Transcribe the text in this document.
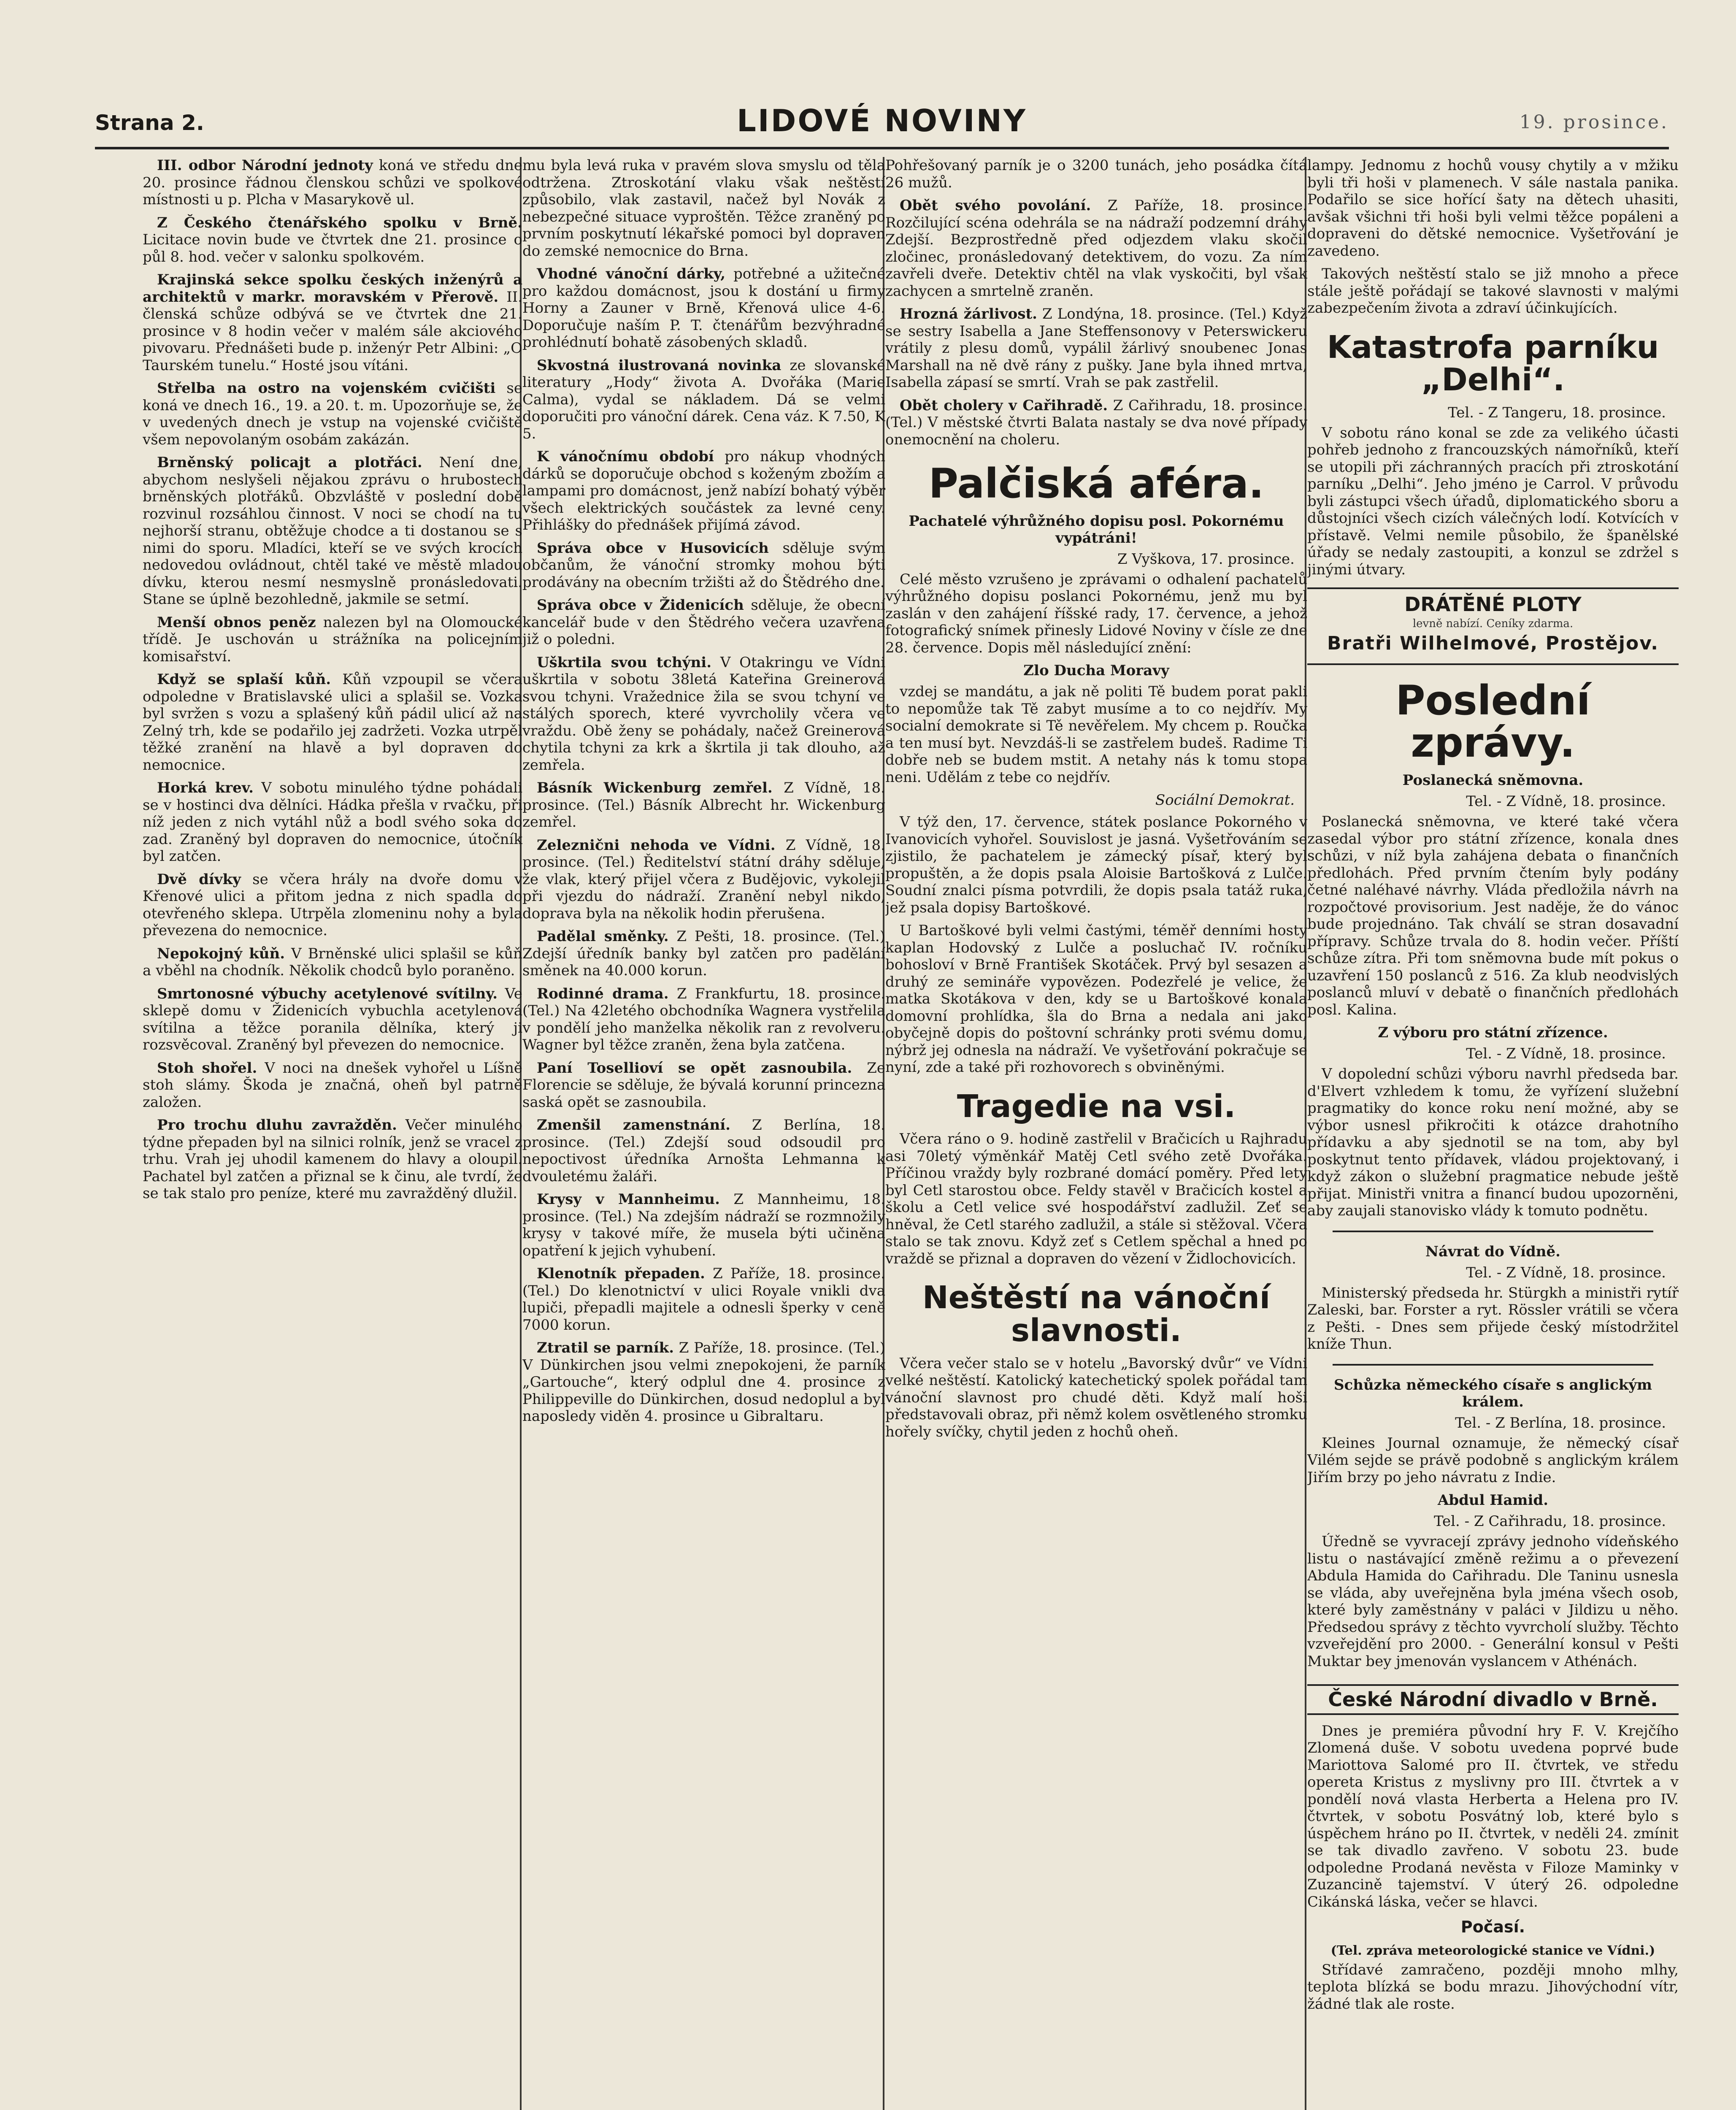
Strana 2.	LIDOVÉ NOVINY	19. prosince.

III. odbor Národní jednoty koná ve středu dne 20. prosince řádnou členskou schůzi ve spolkové místnosti u p. Plcha v Masarykově ul.

Z Českého čtenářského spolku v Brně. Licitace novin bude ve čtvrtek dne 21. prosince o půl 8. hod. večer v salonku spolkovém.

Krajinská sekce spolku českých inženýrů a architektů v markr. moravském v Přerově. II. členská schůze odbývá se ve čtvrtek dne 21. prosince v 8 hodin večer v malém sále akciového pivovaru. Přednášeti bude p. inženýr Petr Albini: „O Taurském tunelu.“ Hosté jsou vítáni.

Střelba na ostro na vojenském cvičišti se koná ve dnech 16., 19. a 20. t. m. Upozorňuje se, že v uvedených dnech je vstup na vojenské cvičiště všem nepovolaným osobám zakázán.

Brněnský policajt a plotřáci. Není dne, abychom neslyšeli nějakou zprávu o hrubostech brněnských plotřáků. Obzvláště v poslední době rozvinul rozsáhlou činnost. V noci se chodí na tu nejhorší stranu, obtěžuje chodce a ti dostanou se s nimi do sporu. Mladíci, kteří se ve svých krocích nedovedou ovládnout, chtěl také ve městě mladou dívku, kterou nesmí nesmyslně pronásledovati. Stane se úplně bezohledně, jakmile se setmí.

Menší obnos peněz nalezen byl na Olomoucké třídě. Je uschován u strážníka na policejním komisařství.

Když se splaší kůň. Kůň vzpoupil se včera odpoledne v Bratislavské ulici a splašil se. Vozka byl svržen s vozu a splašený kůň pádil ulicí až na Zelný trh, kde se podařilo jej zadržeti. Vozka utrpěl těžké zranění na hlavě a byl dopraven do nemocnice.

Horká krev. V sobotu minulého týdne pohádali se v hostinci dva dělníci. Hádka přešla v rvačku, při níž jeden z nich vytáhl nůž a bodl svého soka do zad. Zraněný byl dopraven do nemocnice, útočník byl zatčen.

Dvě dívky se včera hrály na dvoře domu v Křenové ulici a přitom jedna z nich spadla do otevřeného sklepa. Utrpěla zlomeninu nohy a byla převezena do nemocnice.

Nepokojný kůň. V Brněnské ulici splašil se kůň a vběhl na chodník. Několik chodců bylo poraněno.

Smrtonosné výbuchy acetylenové svítilny. Ve sklepě domu v Židenicích vybuchla acetylenová svítilna a těžce poranila dělníka, který ji rozsvěcoval. Zraněný byl převezen do nemocnice.

Stoh shořel. V noci na dnešek vyhořel u Líšně stoh slámy. Škoda je značná, oheň byl patrně založen.

Pro trochu dluhu zavražděn. Večer minulého týdne přepaden byl na silnici rolník, jenž se vracel z trhu. Vrah jej uhodil kamenem do hlavy a oloupil. Pachatel byl zatčen a přiznal se k činu, ale tvrdí, že se tak stalo pro peníze, které mu zavražděný dlužil.

mu byla levá ruka v pravém slova smyslu od těla odtržena. Ztroskotání vlaku však neštěstí způsobilo, vlak zastavil, načež byl Novák z nebezpečné situace vyproštěn. Těžce zraněný po prvním poskytnutí lékařské pomoci byl dopraven do zemské nemocnice do Brna.

Vhodné vánoční dárky, potřebné a užitečné pro každou domácnost, jsou k dostání u firmy Horny a Zauner v Brně, Křenová ulice 4-6. Doporučuje naším P. T. čtenářům bezvýhradné prohlédnutí bohatě zásobených skladů.

Skvostná ilustrovaná novinka ze slovanské literatury „Hody“ života A. Dvořáka (Marie Calma), vydal se nákladem. Dá se velmi doporučiti pro vánoční dárek. Cena váz. K 7.50, K 5.

K vánočnímu období pro nákup vhodných dárků se doporučuje obchod s koženým zbožím a lampami pro domácnost, jenž nabízí bohatý výběr všech elektrických součástek za levné ceny. Přihlášky do přednášek přijímá závod.

Správa obce v Husovicích sděluje svým občanům, že vánoční stromky mohou býti prodávány na obecním tržišti až do Štědrého dne.

Správa obce v Židenicích sděluje, že obecní kancelář bude v den Štědrého večera uzavřena již o poledni.

Uškrtila svou tchýni. V Otakringu ve Vídni uškrtila v sobotu 38letá Kateřina Greinerová svou tchyni. Vražednice žila se svou tchyní ve stálých sporech, které vyvrcholily včera ve vraždu. Obě ženy se pohádaly, načež Greinerová chytila tchyni za krk a škrtila ji tak dlouho, až zemřela.

Básník Wickenburg zemřel. Z Vídně, 18. prosince. (Tel.) Básník Albrecht hr. Wickenburg zemřel.

Zeleznični nehoda ve Vídni. Z Vídně, 18. prosince. (Tel.) Ředitelství státní dráhy sděluje, že vlak, který přijel včera z Budějovic, vykolejil při vjezdu do nádraží. Zranění nebyl nikdo, doprava byla na několik hodin přerušena.

Padělal směnky. Z Pešti, 18. prosince. (Tel.) Zdejší úředník banky byl zatčen pro padělání směnek na 40.000 korun.

Rodinné drama. Z Frankfurtu, 18. prosince. (Tel.) Na 42letého obchodníka Wagnera vystřelila v pondělí jeho manželka několik ran z revolveru. Wagner byl těžce zraněn, žena byla zatčena.

Paní Tosellioví se opět zasnoubila. Ze Florencie se sděluje, že bývalá korunní princezna saská opět se zasnoubila.

Zmenšil zamenstnání. Z Berlína, 18. prosince. (Tel.) Zdejší soud odsoudil pro nepoctivost úředníka Arnošta Lehmanna k dvouletému žaláři.

Krysy v Mannheimu. Z Mannheimu, 18. prosince. (Tel.) Na zdejším nádraží se rozmnožily krysy v takové míře, že musela býti učiněna opatření k jejich vyhubení.

Klenotník přepaden. Z Paříže, 18. prosince. (Tel.) Do klenotnictví v ulici Royale vnikli dva lupiči, přepadli majitele a odnesli šperky v ceně 7000 korun.

Ztratil se parník. Z Paříže, 18. prosince. (Tel.) V Dünkirchen jsou velmi znepokojeni, že parník „Gartouche“, který odplul dne 4. prosince z Philippeville do Dünkirchen, dosud nedoplul a byl naposledy viděn 4. prosince u Gibraltaru.

Pohřešovaný parník je o 3200 tunách, jeho posádka čítá 26 mužů.

Obět svého povolání. Z Paříže, 18. prosince. Rozčilující scéna odehrála se na nádraží podzemní dráhy Zdejší. Bezprostředně před odjezdem vlaku skočil zločinec, pronásledovaný detektivem, do vozu. Za ním zavřeli dveře. Detektiv chtěl na vlak vyskočiti, byl však zachycen a smrtelně zraněn.

Hrozná žárlivost. Z Londýna, 18. prosince. (Tel.) Když se sestry Isabella a Jane Steffensonovy v Peterswickeru vrátily z plesu domů, vypálil žárlivý snoubenec Jonas Marshall na ně dvě rány z pušky. Jane byla ihned mrtva, Isabella zápasí se smrtí. Vrah se pak zastřelil.

Obět cholery v Cařihradě. Z Cařihradu, 18. prosince. (Tel.) V městské čtvrti Balata nastaly se dva nové případy onemocnění na choleru.

Palčiská aféra.
Pachatelé výhrůžného dopisu posl. Pokornému vypátráni!
Z Vyškova, 17. prosince.

Celé město vzrušeno je zprávami o odhalení pachatelů výhrůžného dopisu poslanci Pokornému, jenž mu byl zaslán v den zahájení říšské rady, 17. července, a jehož fotografický snímek přinesly Lidové Noviny v čísle ze dne 28. července. Dopis měl následující znění:

Zlo Ducha Moravy

vzdej se mandátu, a jak ně politi Tě budem porat pakli to nepomůže tak Tě zabyt musíme a to co nejdřív. My socialní demokrate si Tě nevěřelem. My chcem p. Roučka a ten musí byt. Nevzdáš-li se zastřelem budeš. Radime Ti dobře neb se budem mstit. A netahy nás k tomu stopa neni. Udělám z tebe co nejdřív.

Sociální Demokrat.

V týž den, 17. července, státek poslance Pokorného v Ivanovicích vyhořel. Souvislost je jasná. Vyšetřováním se zjistilo, že pachatelem je zámecký písař, který byl propuštěn, a že dopis psala Aloisie Bartošková z Lulče. Soudní znalci písma potvrdili, že dopis psala tatáž ruka, jež psala dopisy Bartoškové.

U Bartoškové byli velmi častými, téměř denními hosty kaplan Hodovský z Lulče a posluchač IV. ročníku bohosloví v Brně František Skotáček. Prvý byl sesazen a druhý ze semináře vypovězen. Podezřelé je velice, že matka Skotákova v den, kdy se u Bartoškové konala domovní prohlídka, šla do Brna a nedala ani jako obyčejně dopis do poštovní schránky proti svému domu, nýbrž jej odnesla na nádraží. Ve vyšetřování pokračuje se nyní, zde a také při rozhovorech s obviněnými.

Tragedie na vsi.

Včera ráno o 9. hodině zastřelil v Bračicích u Rajhradu asi 70letý výměnkář Matěj Cetl svého zetě Dvořáka. Příčinou vraždy byly rozbrané domácí poměry. Před lety byl Cetl starostou obce. Feldy stavěl v Bračicích kostel a školu a Cetl velice své hospodářství zadlužil. Zeť se hněval, že Cetl starého zadlužil, a stále si stěžoval. Včera stalo se tak znovu. Když zeť s Cetlem spěchal a hned po vraždě se přiznal a dopraven do vězení v Židlochovicích.

Neštěstí na vánoční slavnosti.

Včera večer stalo se v hotelu „Bavorský dvůr“ ve Vídni velké neštěstí. Katolický katechetický spolek pořádal tam vánoční slavnost pro chudé děti. Když malí hoši představovali obraz, při němž kolem osvětleného stromku hořely svíčky, chytil jeden z hochů oheň.

lampy. Jednomu z hochů vousy chytily a v mžiku byli tři hoši v plamenech. V sále nastala panika. Podařilo se sice hořící šaty na dětech uhasiti, avšak všichni tři hoši byli velmi těžce popáleni a dopraveni do dětské nemocnice. Vyšetřování je zavedeno.

Takových neštěstí stalo se již mnoho a přece stále ještě pořádají se takové slavnosti v malými zabezpečením života a zdraví účinkujících.

Katastrofa parníku „Delhi“.
Tel. - Z Tangeru, 18. prosince.

V sobotu ráno konal se zde za velikého účasti pohřeb jednoho z francouzských námořníků, kteří se utopili při záchranných pracích při ztroskotání parníku „Delhi“. Jeho jméno je Carrol. V průvodu byli zástupci všech úřadů, diplomatického sboru a důstojníci všech cizích válečných lodí. Kotvících v přístavě. Velmi nemile působilo, že španělské úřady se nedaly zastoupiti, a konzul se zdržel s jinými útvary.

DRÁTĚNÉ PLOTY
levně nabízí. Ceníky zdarma.
Bratři Wilhelmové, Prostějov.
Poslední zprávy.
Poslanecká sněmovna.
Tel. - Z Vídně, 18. prosince.

Poslanecká sněmovna, ve které také včera zasedal výbor pro státní zřízence, konala dnes schůzi, v níž byla zahájena debata o finančních předlohách. Před prvním čtením byly podány četné naléhavé návrhy. Vláda předložila návrh na rozpočtové provisorium. Jest naděje, že do vánoc bude projednáno. Tak chválí se stran dosavadní přípravy. Schůze trvala do 8. hodin večer. Příští schůze zítra. Při tom sněmovna bude mít pokus o uzavření 150 poslanců z 516. Za klub neodvislých poslanců mluví v debatě o finančních předlohách posl. Kalina.

Z výboru pro státní zřízence.
Tel. - Z Vídně, 18. prosince.

V dopolední schůzi výboru navrhl předseda bar. d'Elvert vzhledem k tomu, že vyřízení služební pragmatiky do konce roku není možné, aby se výbor usnesl přikročiti k otázce drahotního přídavku a aby sjednotil se na tom, aby byl poskytnut tento přídavek, vládou projektovaný, i když zákon o služební pragmatice nebude ještě přijat. Ministři vnitra a financí budou upozorněni, aby zaujali stanovisko vlády k tomuto podnětu.

Návrat do Vídně.
Tel. - Z Vídně, 18. prosince.

Ministerský předseda hr. Stürgkh a ministři rytíř Zaleski, bar. Forster a ryt. Rössler vrátili se včera z Pešti. - Dnes sem přijede český místodržitel kníže Thun.

Schůzka německého císaře s anglickým králem.
Tel. - Z Berlína, 18. prosince.

Kleines Journal oznamuje, že německý císař Vilém sejde se právě podobně s anglickým králem Jiřím brzy po jeho návratu z Indie.

Abdul Hamid.
Tel. - Z Cařihradu, 18. prosince.

Úředně se vyvracejí zprávy jednoho vídeňského listu o nastávající změně režimu a o převezení Abdula Hamida do Cařihradu. Dle Taninu usnesla se vláda, aby uveřejněna byla jména všech osob, které byly zaměstnány v paláci v Jildizu u něho. Předsedou správy z těchto vyvrcholí služby. Těchto vzveřejdění pro 2000. - Generální konsul v Pešti Muktar bey jmenován vyslancem v Athénách.

České Národní divadlo v Brně.

Dnes je premiéra původní hry F. V. Krejčího Zlomená duše. V sobotu uvedena poprvé bude Mariottova Salomé pro II. čtvrtek, ve středu opereta Kristus z myslivny pro III. čtvrtek a v pondělí nová vlasta Herberta a Helena pro IV. čtvrtek, v sobotu Posvátný lob, které bylo s úspěchem hráno po II. čtvrtek, v neděli 24. zmínit se tak divadlo zavřeno. V sobotu 23. bude odpoledne Prodaná nevěsta v Filoze Maminky v Zuzancině tajemství. V úterý 26. odpoledne Cikánská láska, večer se hlavci.

Počasí.
(Tel. zpráva meteorologické stanice ve Vídni.)

Střídavé zamračeno, později mnoho mlhy, teplota blízká se bodu mrazu. Jihovýchodní vítr, žádné tlak ale roste.
